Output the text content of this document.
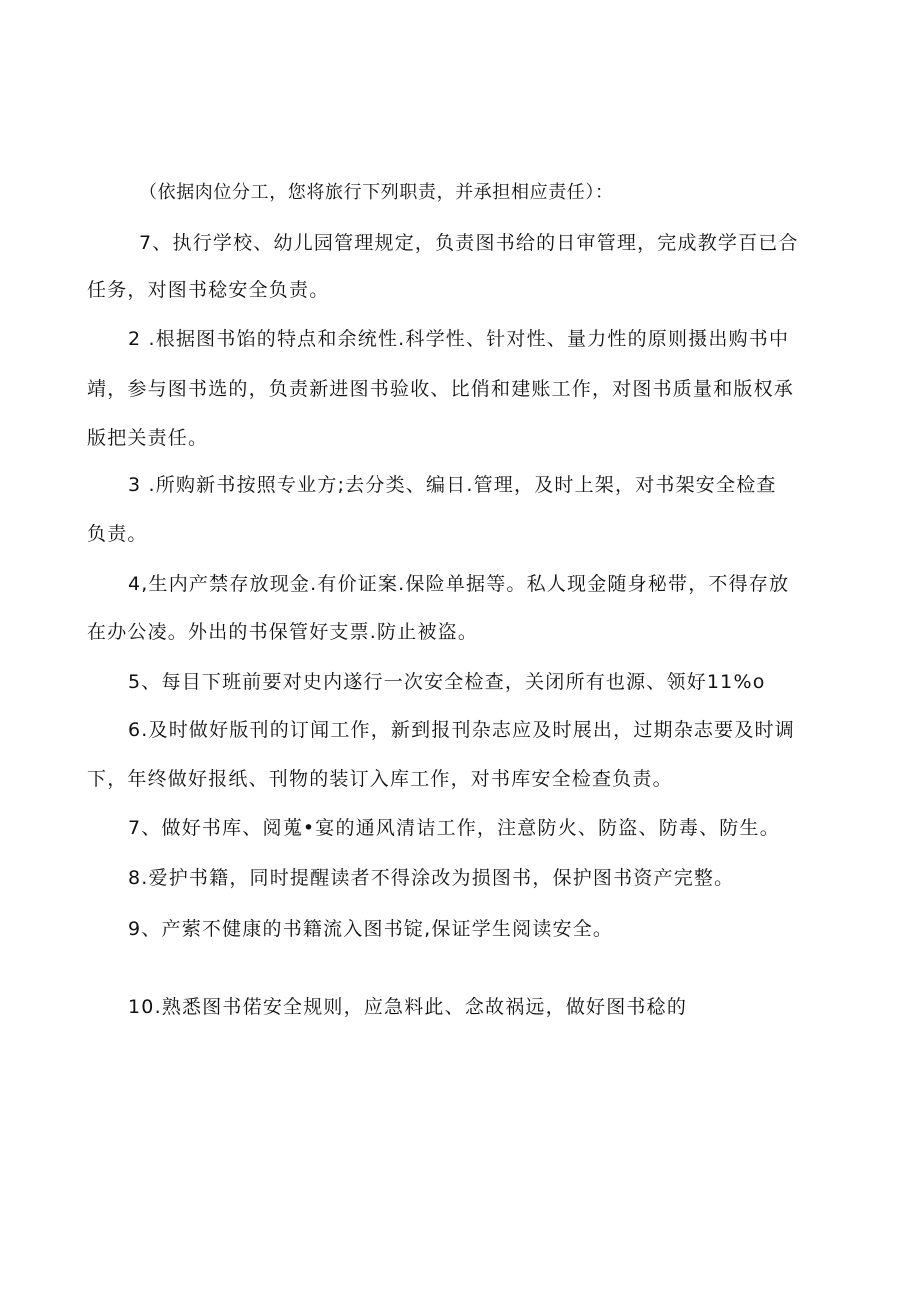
（依据肉位分工，您将旅行下列职责，并承担相应责任）：
7、执行学校、幼儿园管理规定，负责图书给的日审管理，完成教学百已合
任务，对图书稔安全负责。
2 .根据图书馅的特点和余统性.科学性、针对性、量力性的原则摄出购书中
靖，参与图书选的，负责新进图书验收、比俏和建账工作，对图书质量和版权承
版把关责任。
3 .所购新书按照专业方;去分类、编日.管理，及时上架，对书架安全检查
负责。
4,生内产禁存放现金.有价证案.保险单据等。私人现金随身秘带，不得存放
在办公凌。外出的书保管好支票.防止被盗。
5、每目下班前要对史内遂行一次安全检查，关闭所有也源、领好11%o
6.及时做好版刊的订闻工作，新到报刊杂志应及时展出，过期杂志要及时调
下，年终做好报纸、刊物的装订入库工作，对书库安全检查负责。
7、做好书库、阅蒐•宴的通风清诘工作，注意防火、防盗、防毒、防生。
8.爱护书籍，同时提醒读者不得涂改为损图书，保护图书资产完整。
9、产萦不健康的书籍流入图书锭,保证学生阅读安全。
10.熟悉图书偌安全规则，应急料此、念故祸远，做好图书稔的
